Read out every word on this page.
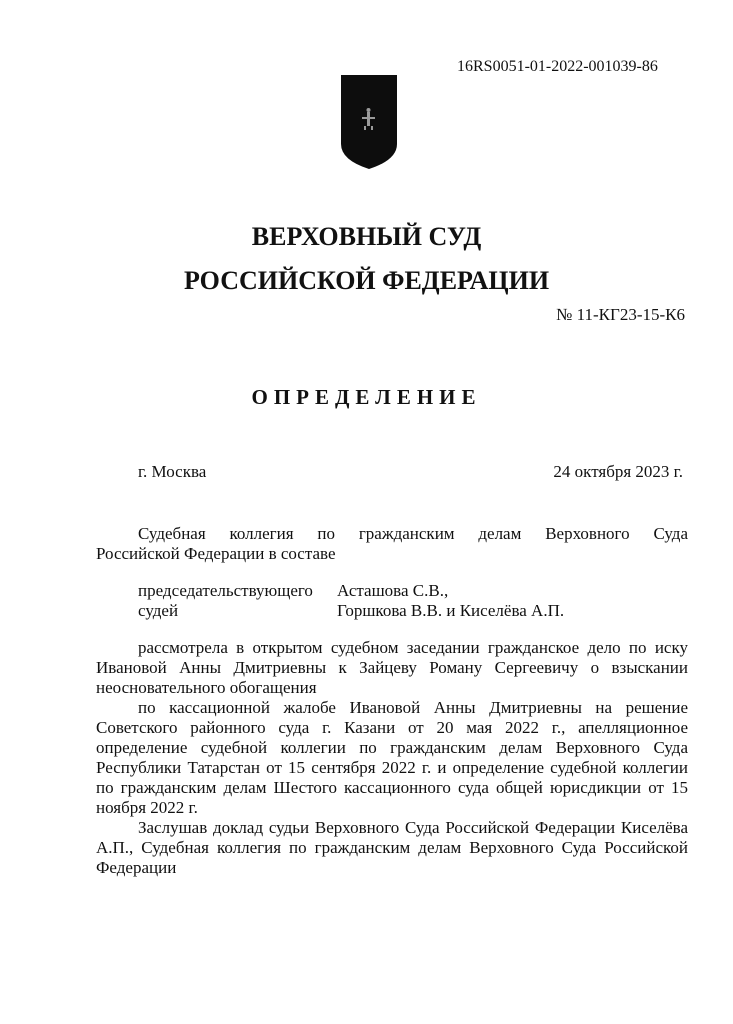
16RS0051-01-2022-001039-86
ВЕРХОВНЫЙ СУД
РОССИЙСКОЙ ФЕДЕРАЦИИ
№ 11-КГ23-15-К6
ОПРЕДЕЛЕНИЕ
г. Москва	24 октября 2023 г.
Судебная коллегия по гражданским делам Верховного Суда
Российской Федерации в составе
председательствующего Асташова С.В.,
судей	Горшкова В.В. и Киселёва А.П.
рассмотрела в открытом судебном заседании гражданское дело по иску Ивановой Анны Дмитриевны к Зайцеву Роману Сергеевичу о взыскании неосновательного обогащения
по кассационной жалобе Ивановой Анны Дмитриевны на решение Советского районного суда г. Казани от 20 мая 2022 г., апелляционное определение судебной коллегии по гражданским делам Верховного Суда Республики Татарстан от 15 сентября 2022 г. и определение судебной коллегии по гражданским делам Шестого кассационного суда общей юрисдикции от 15 ноября 2022 г.
Заслушав доклад судьи Верховного Суда Российской Федерации Киселёва А.П., Судебная коллегия по гражданским делам Верховного Суда Российской Федерации
